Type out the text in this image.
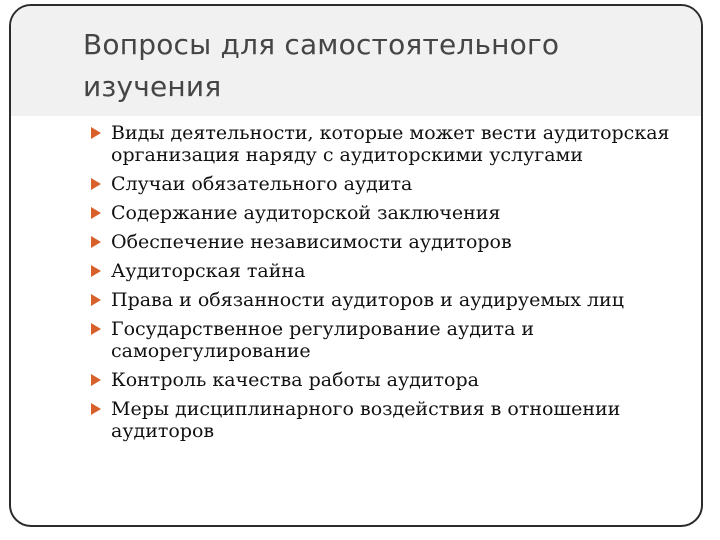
Вопросы для самостоятельного изучения
Виды деятельности, которые может вести аудиторская организация наряду с аудиторскими услугами
Случаи обязательного аудита
Содержание аудиторской заключения
Обеспечение независимости аудиторов
Аудиторская тайна
Права и обязанности аудиторов и аудируемых лиц
Государственное регулирование аудита и саморегулирование
Контроль качества работы аудитора
Меры дисциплинарного воздействия в отношении аудиторов
